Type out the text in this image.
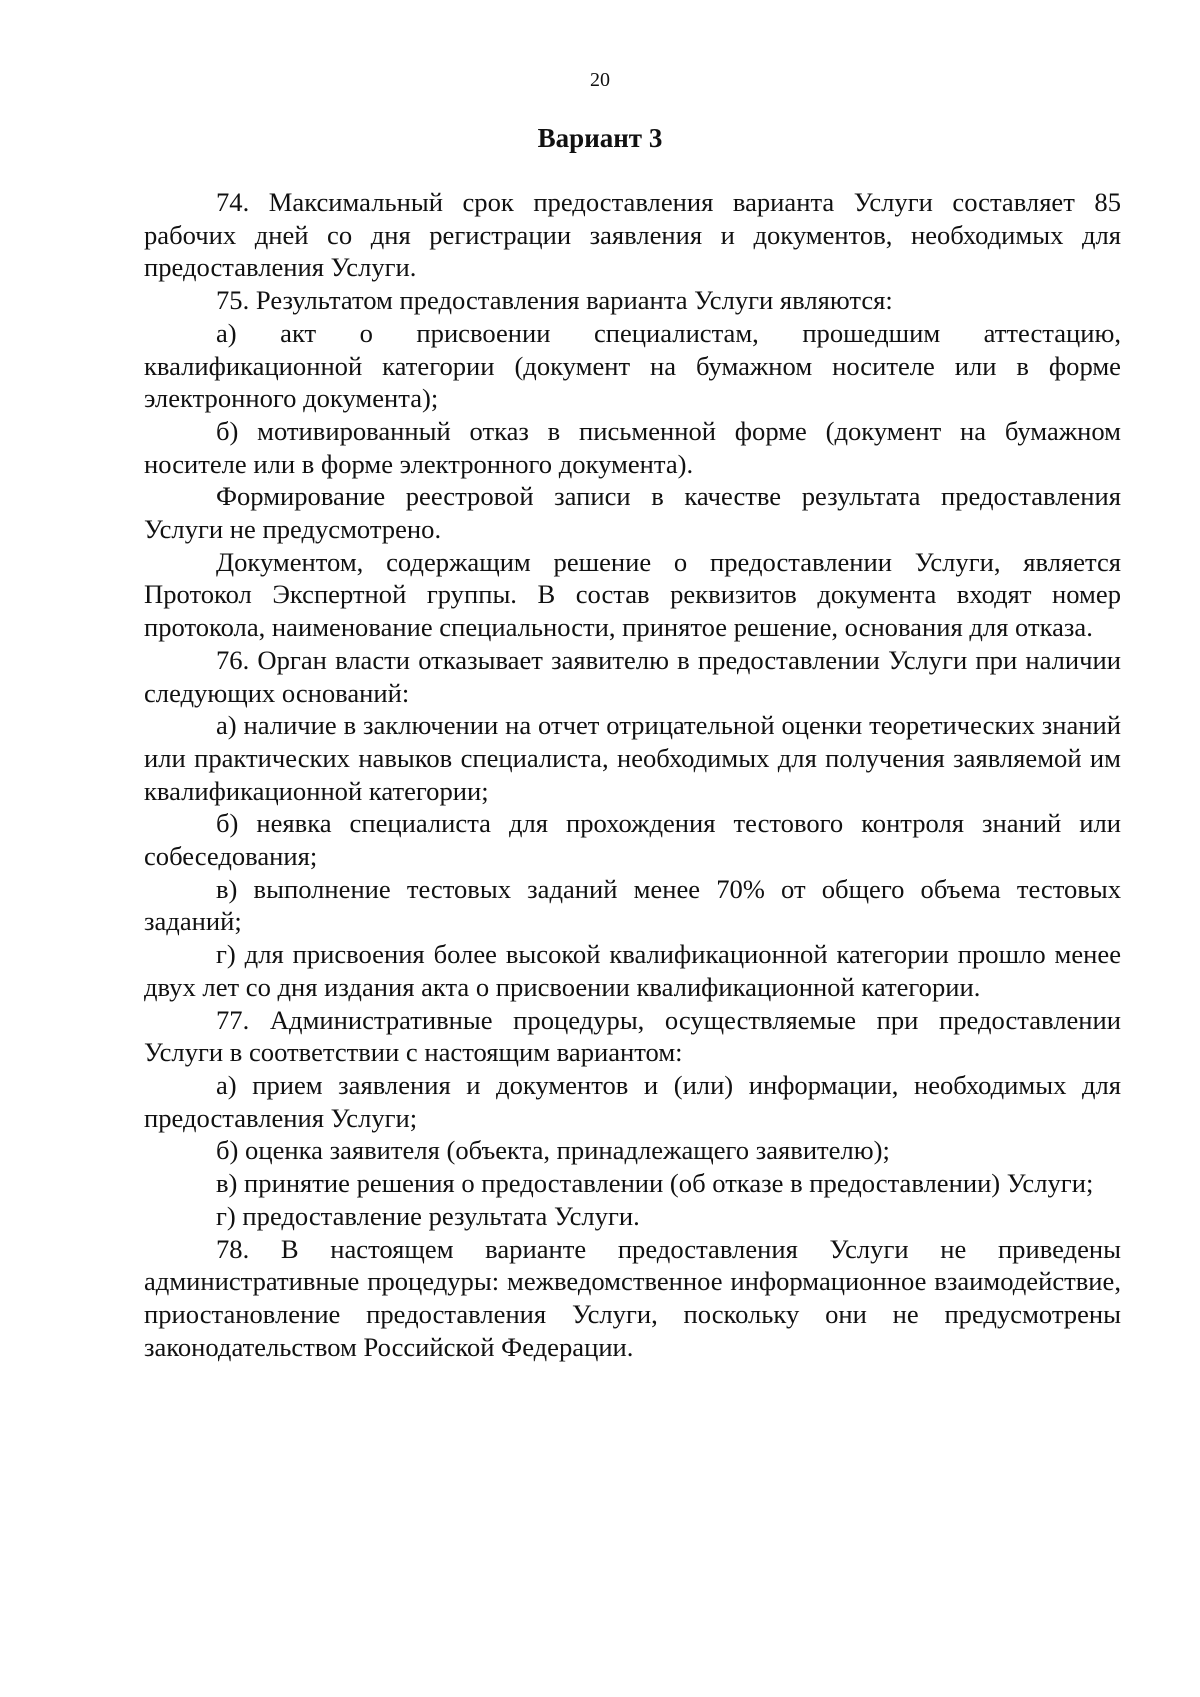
20
Вариант 3

74. Максимальный срок предоставления варианта Услуги составляет 85 рабочих дней со дня регистрации заявления и документов, необходимых для предоставления Услуги.

75. Результатом предоставления варианта Услуги являются:

а) акт о присвоении специалистам, прошедшим аттестацию, квалификационной категории (документ на бумажном носителе или в форме электронного документа);

б) мотивированный отказ в письменной форме (документ на бумажном носителе или в форме электронного документа).

Формирование реестровой записи в качестве результата предоставления Услуги не предусмотрено.

Документом, содержащим решение о предоставлении Услуги, является Протокол Экспертной группы. В состав реквизитов документа входят номер протокола, наименование специальности, принятое решение, основания для отказа.

76. Орган власти отказывает заявителю в предоставлении Услуги при наличии следующих оснований:

а) наличие в заключении на отчет отрицательной оценки теоретических знаний или практических навыков специалиста, необходимых для получения заявляемой им квалификационной категории;

б) неявка специалиста для прохождения тестового контроля знаний или собеседования;

в) выполнение тестовых заданий менее 70% от общего объема тестовых заданий;

г) для присвоения более высокой квалификационной категории прошло менее двух лет со дня издания акта о присвоении квалификационной категории.

77. Административные процедуры, осуществляемые при предоставлении Услуги в соответствии с настоящим вариантом:

а) прием заявления и документов и (или) информации, необходимых для предоставления Услуги;

б) оценка заявителя (объекта, принадлежащего заявителю);

в) принятие решения о предоставлении (об отказе в предоставлении) Услуги;

г) предоставление результата Услуги.

78. В настоящем варианте предоставления Услуги не приведены административные процедуры: межведомственное информационное взаимодействие, приостановление предоставления Услуги, поскольку они не предусмотрены законодательством Российской Федерации.
